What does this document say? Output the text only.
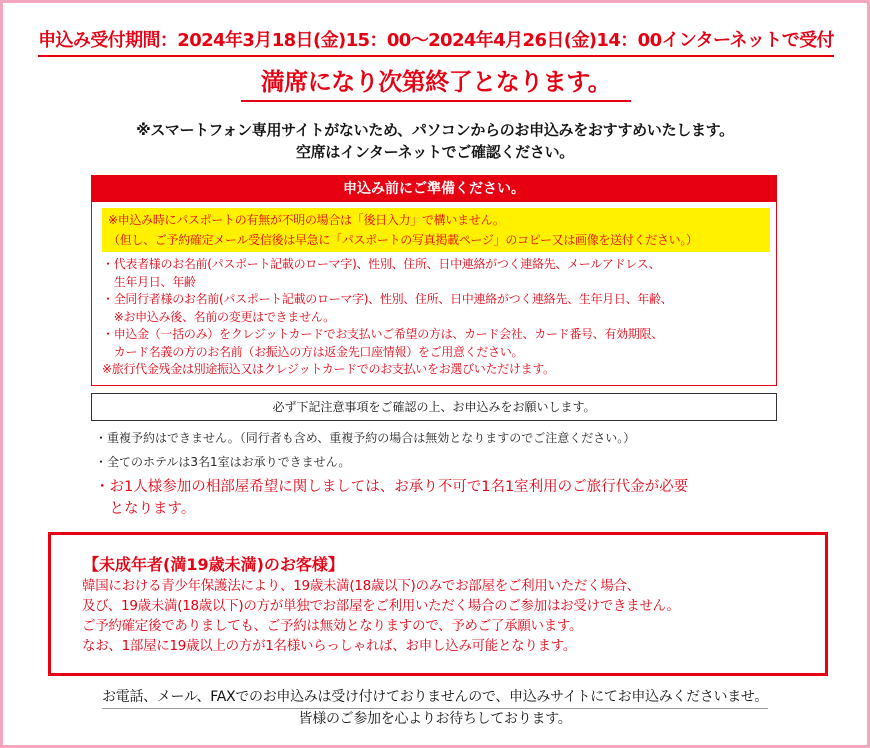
申込み受付期間：2024年3月18日(金)15：00〜2024年4月26日(金)14：00インターネットで受付
満席になり次第終了となります。
※スマートフォン専用サイトがないため、パソコンからのお申込みをおすすめいたします。
空席はインターネットでご確認ください。
申込み前にご準備ください。
※申込み時にパスポートの有無が不明の場合は「後日入力」で構いません。
（但し、ご予約確定メール受信後は早急に「パスポートの写真掲載ページ」のコピー又は画像を送付ください。）
・代表者様のお名前(パスポート記載のローマ字)、性別、住所、日中連絡がつく連絡先、メールアドレス、
　生年月日、年齢
・全同行者様のお名前(パスポート記載のローマ字)、性別、住所、日中連絡がつく連絡先、生年月日、年齢、
　※お申込み後、名前の変更はできません。
・申込金（一括のみ）をクレジットカードでお支払いご希望の方は、カード会社、カード番号、有効期限、
　カード名義の方のお名前（お振込の方は返金先口座情報）をご用意ください。
※旅行代金残金は別途振込又はクレジットカードでのお支払いをお選びいただけます。
必ず下記注意事項をご確認の上、お申込みをお願いします。
・重複予約はできません。（同行者も含め、重複予約の場合は無効となりますのでご注意ください。）
・全てのホテルは3名1室はお承りできません。
・お1人様参加の相部屋希望に関しましては、お承り不可で1名1室利用のご旅行代金が必要
　となります。
【未成年者(満19歳未満)のお客様】
韓国における青少年保護法により、19歳未満(18歳以下)のみでお部屋をご利用いただく場合、
及び、19歳未満(18歳以下)の方が単独でお部屋をご利用いただく場合のご参加はお受けできません。
ご予約確定後でありましても、ご予約は無効となりますので、予めご了承願います。
なお、1部屋に19歳以上の方が1名様いらっしゃれば、お申し込み可能となります。
お電話、メール、FAXでのお申込みは受け付けておりませんので、申込みサイトにてお申込みくださいませ。
皆様のご参加を心よりお待ちしております。
